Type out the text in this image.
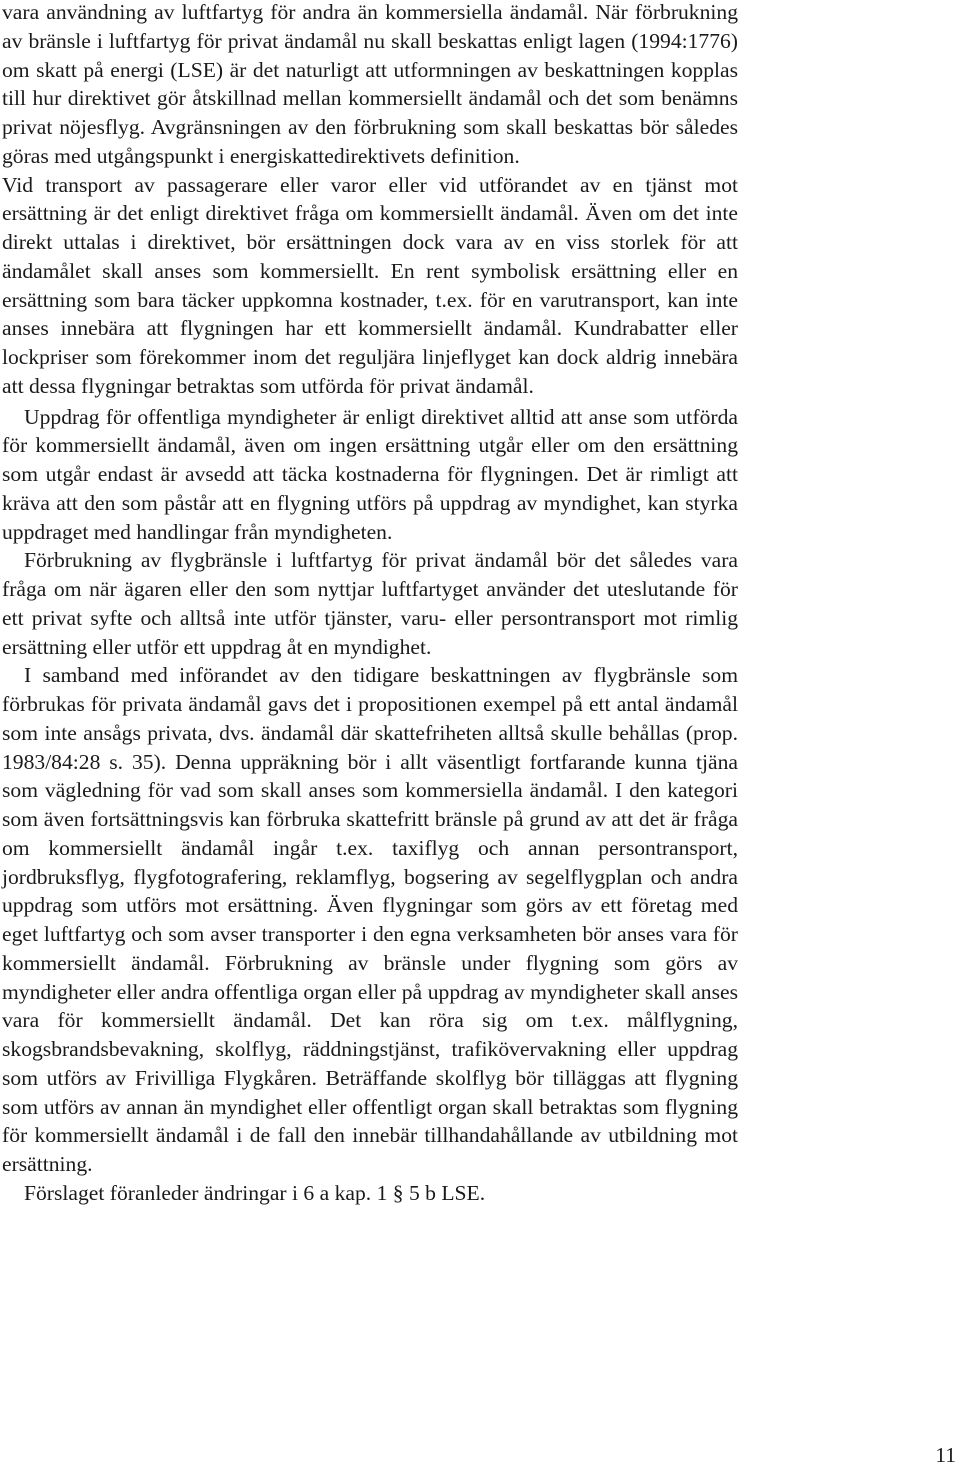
vara användning av luftfartyg för andra än kommersiella ändamål. När förbrukning av bränsle i luftfartyg för privat ändamål nu skall beskattas enligt lagen (1994:1776) om skatt på energi (LSE) är det naturligt att utformningen av beskattningen kopplas till hur direktivet gör åtskillnad mellan kommersiellt ändamål och det som benämns privat nöjesflyg. Avgränsningen av den förbrukning som skall beskattas bör således göras med utgångspunkt i energiskattedirektivets definition.

Vid transport av passagerare eller varor eller vid utförandet av en tjänst mot ersättning är det enligt direktivet fråga om kommersiellt ändamål. Även om det inte direkt uttalas i direktivet, bör ersättningen dock vara av en viss storlek för att ändamålet skall anses som kommersiellt. En rent symbolisk ersättning eller en ersättning som bara täcker uppkomna kostnader, t.ex. för en varutransport, kan inte anses innebära att flygningen har ett kommersiellt ändamål. Kundrabatter eller lockpriser som förekommer inom det reguljära linjeflyget kan dock aldrig innebära att dessa flygningar betraktas som utförda för privat ändamål.

Uppdrag för offentliga myndigheter är enligt direktivet alltid att anse som utförda för kommersiellt ändamål, även om ingen ersättning utgår eller om den ersättning som utgår endast är avsedd att täcka kostnaderna för flygningen. Det är rimligt att kräva att den som påstår att en flygning utförs på uppdrag av myndighet, kan styrka uppdraget med handlingar från myndigheten.

Förbrukning av flygbränsle i luftfartyg för privat ändamål bör det således vara fråga om när ägaren eller den som nyttjar luftfartyget använder det uteslutande för ett privat syfte och alltså inte utför tjänster, varu- eller persontransport mot rimlig ersättning eller utför ett uppdrag åt en myndighet.

I samband med införandet av den tidigare beskattningen av flygbränsle som förbrukas för privata ändamål gavs det i propositionen exempel på ett antal ändamål som inte ansågs privata, dvs. ändamål där skattefriheten alltså skulle behållas (prop. 1983/84:28 s. 35). Denna uppräkning bör i allt väsentligt fortfarande kunna tjäna som vägledning för vad som skall anses som kommersiella ändamål. I den kategori som även fortsättningsvis kan förbruka skattefritt bränsle på grund av att det är fråga om kommersiellt ändamål ingår t.ex. taxiflyg och annan persontransport, jordbruksflyg, flygfotografering, reklamflyg, bogsering av segelflygplan och andra uppdrag som utförs mot ersättning. Även flygningar som görs av ett företag med eget luftfartyg och som avser transporter i den egna verksamheten bör anses vara för kommersiellt ändamål. Förbrukning av bränsle under flygning som görs av myndigheter eller andra offentliga organ eller på uppdrag av myndigheter skall anses vara för kommersiellt ändamål. Det kan röra sig om t.ex. målflygning, skogsbrandsbevakning, skolflyg, räddningstjänst, trafikövervakning eller uppdrag som utförs av Frivilliga Flygkåren. Beträffande skolflyg bör tilläggas att flygning som utförs av annan än myndighet eller offentligt organ skall betraktas som flygning för kommersiellt ändamål i de fall den innebär tillhandahållande av utbildning mot ersättning.

Förslaget föranleder ändringar i 6 a kap. 1 § 5 b LSE.

11
